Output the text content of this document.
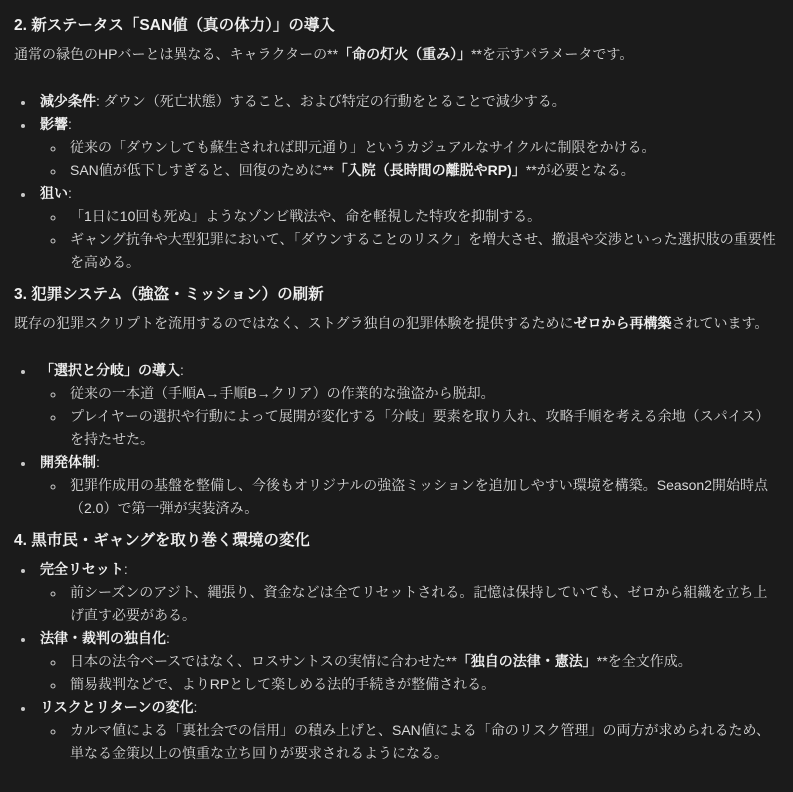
2. 新ステータス「SAN値（真の体力）」の導入

通常の緑色のHPバーとは異なる、キャラクターの**「命の灯火（重み）」**を示すパラメータです。

• 減少条件: ダウン（死亡状態）すること、および特定の行動をとることで減少する。
• 影響:
◦ 従来の「ダウンしても蘇生されれば即元通り」というカジュアルなサイクルに制限をかける。
◦ SAN値が低下しすぎると、回復のために**「入院（長時間の離脱やRP)」**が必要となる。
• 狙い:
◦ 「1日に10回も死ぬ」ようなゾンビ戦法や、命を軽視した特攻を抑制する。
◦ ギャング抗争や大型犯罪において、「ダウンすることのリスク」を増大させ、撤退や交渉といった選択肢の重要性を高める。
3. 犯罪システム（強盗・ミッション）の刷新

既存の犯罪スクリプトを流用するのではなく、ストグラ独自の犯罪体験を提供するためにゼロから再構築されています。

• 「選択と分岐」の導入:
◦ 従来の一本道（手順A→手順B→クリア）の作業的な強盗から脱却。
◦ プレイヤーの選択や行動によって展開が変化する「分岐」要素を取り入れ、攻略手順を考える余地（スパイス）を持たせた。
• 開発体制:
◦ 犯罪作成用の基盤を整備し、今後もオリジナルの強盗ミッションを追加しやすい環境を構築。Season2開始時点（2.0）で第一弾が実装済み。
4. 黒市民・ギャングを取り巻く環境の変化
• 完全リセット:
◦ 前シーズンのアジト、縄張り、資金などは全てリセットされる。記憶は保持していても、ゼロから組織を立ち上げ直す必要がある。
• 法律・裁判の独自化:
◦ 日本の法令ベースではなく、ロスサントスの実情に合わせた**「独自の法律・憲法」**を全文作成。
◦ 簡易裁判などで、よりRPとして楽しめる法的手続きが整備される。
• リスクとリターンの変化:
◦ カルマ値による「裏社会での信用」の積み上げと、SAN値による「命のリスク管理」の両方が求められるため、単なる金策以上の慎重な立ち回りが要求されるようになる。
